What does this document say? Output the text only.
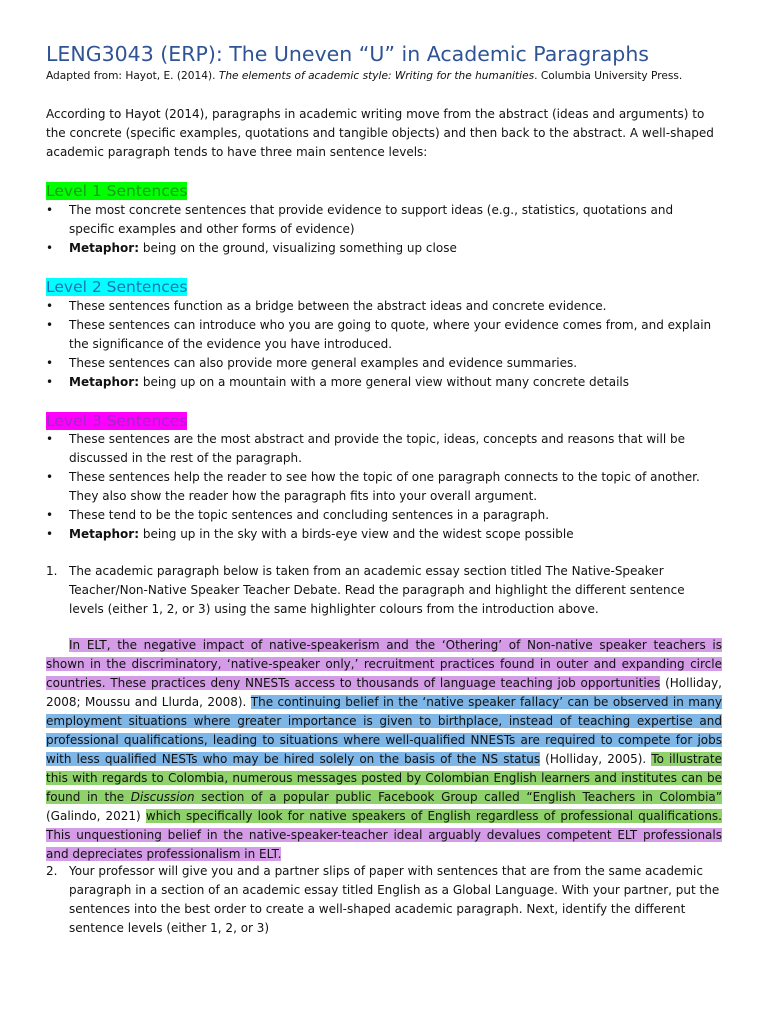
LENG3043 (ERP): The Uneven “U” in Academic Paragraphs

Adapted from: Hayot, E. (2014). The elements of academic style: Writing for the humanities. Columbia University Press.

According to Hayot (2014), paragraphs in academic writing move from the abstract (ideas and arguments) to the concrete (specific examples, quotations and tangible objects) and then back to the abstract. A well-shaped academic paragraph tends to have three main sentence levels:

Level 1 Sentences
• The most concrete sentences that provide evidence to support ideas (e.g., statistics, quotations and specific examples and other forms of evidence)
• Metaphor: being on the ground, visualizing something up close
Level 2 Sentences
• These sentences function as a bridge between the abstract ideas and concrete evidence.
• These sentences can introduce who you are going to quote, where your evidence comes from, and explain the significance of the evidence you have introduced.
• These sentences can also provide more general examples and evidence summaries.
• Metaphor: being up on a mountain with a more general view without many concrete details
Level 3 Sentences
• These sentences are the most abstract and provide the topic, ideas, concepts and reasons that will be discussed in the rest of the paragraph.
• These sentences help the reader to see how the topic of one paragraph connects to the topic of another. They also show the reader how the paragraph fits into your overall argument.
• These tend to be the topic sentences and concluding sentences in a paragraph.
• Metaphor: being up in the sky with a birds-eye view and the widest scope possible
1. The academic paragraph below is taken from an academic essay section titled The Native-Speaker Teacher/Non-Native Speaker Teacher Debate. Read the paragraph and highlight the different sentence levels (either 1, 2, or 3) using the same highlighter colours from the introduction above.

In ELT, the negative impact of native-speakerism and the ‘Othering’ of Non-native speaker teachers is shown in the discriminatory, ‘native-speaker only,’ recruitment practices found in outer and expanding circle countries. These practices deny NNESTs access to thousands of language teaching job opportunities (Holliday, 2008; Moussu and Llurda, 2008). The continuing belief in the ‘native speaker fallacy’ can be observed in many employment situations where greater importance is given to birthplace, instead of teaching expertise and professional qualifications, leading to situations where well-qualified NNESTs are required to compete for jobs with less qualified NESTs who may be hired solely on the basis of the NS status (Holliday, 2005). To illustrate this with regards to Colombia, numerous messages posted by Colombian English learners and institutes can be found in the Discussion section of a popular public Facebook Group called “English Teachers in Colombia” (Galindo, 2021) which specifically look for native speakers of English regardless of professional qualifications. This unquestioning belief in the native-speaker-teacher ideal arguably devalues competent ELT professionals and depreciates professionalism in ELT.

2. Your professor will give you and a partner slips of paper with sentences that are from the same academic paragraph in a section of an academic essay titled English as a Global Language. With your partner, put the sentences into the best order to create a well-shaped academic paragraph. Next, identify the different sentence levels (either 1, 2, or 3)
